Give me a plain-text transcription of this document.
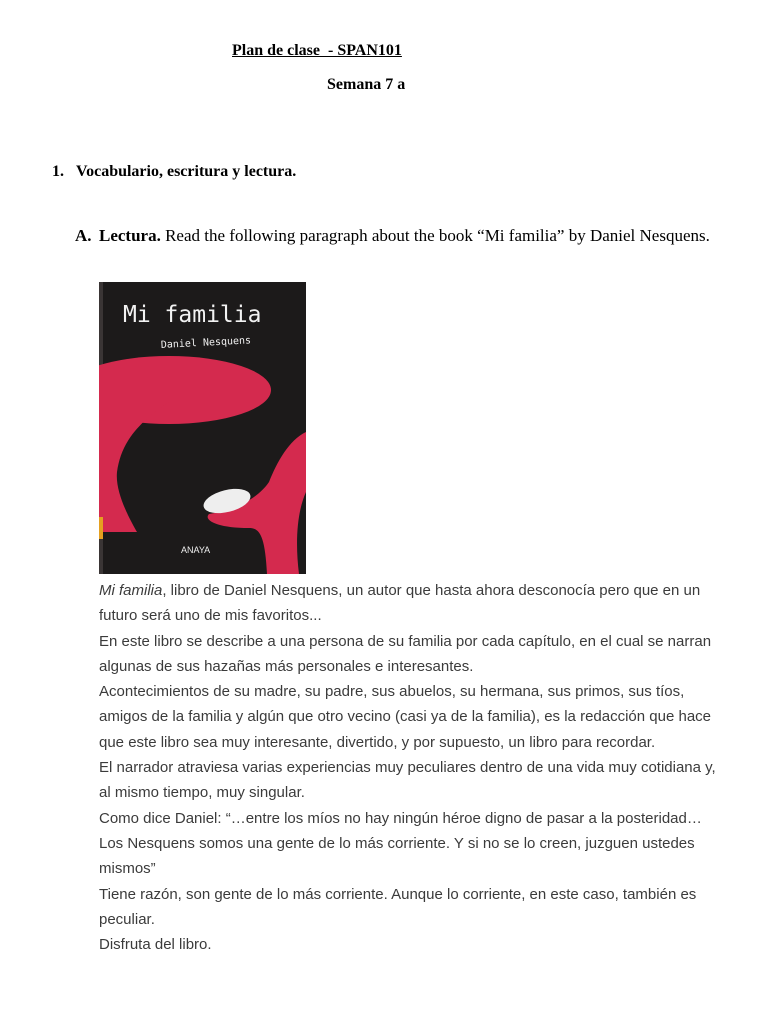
Plan de clase  - SPAN101
Semana 7 a
1. Vocabulario, escritura y lectura.
A. Lectura. Read the following paragraph about the book “Mi familia” by Daniel Nesquens.
Mi familia
Daniel Nesquens
ANAYA

Mi familia, libro de Daniel Nesquens, un autor que hasta ahora desconocía pero que en un futuro será uno de mis favoritos...

En este libro se describe a una persona de su familia por cada capítulo, en el cual se narran algunas de sus hazañas más personales e interesantes.

Acontecimientos de su madre, su padre, sus abuelos, su hermana, sus primos, sus tíos, amigos de la familia y algún que otro vecino (casi ya de la familia), es la redacción que hace que este libro sea muy interesante, divertido, y por supuesto, un libro para recordar.

El narrador atraviesa varias experiencias muy peculiares dentro de una vida muy cotidiana y, al mismo tiempo, muy singular.

Como dice Daniel: “…entre los míos no hay ningún héroe digno de pasar a la posteridad… Los Nesquens somos una gente de lo más corriente. Y si no se lo creen, juzguen ustedes mismos”

Tiene razón, son gente de lo más corriente. Aunque lo corriente, en este caso, también es peculiar.

Disfruta del libro.
